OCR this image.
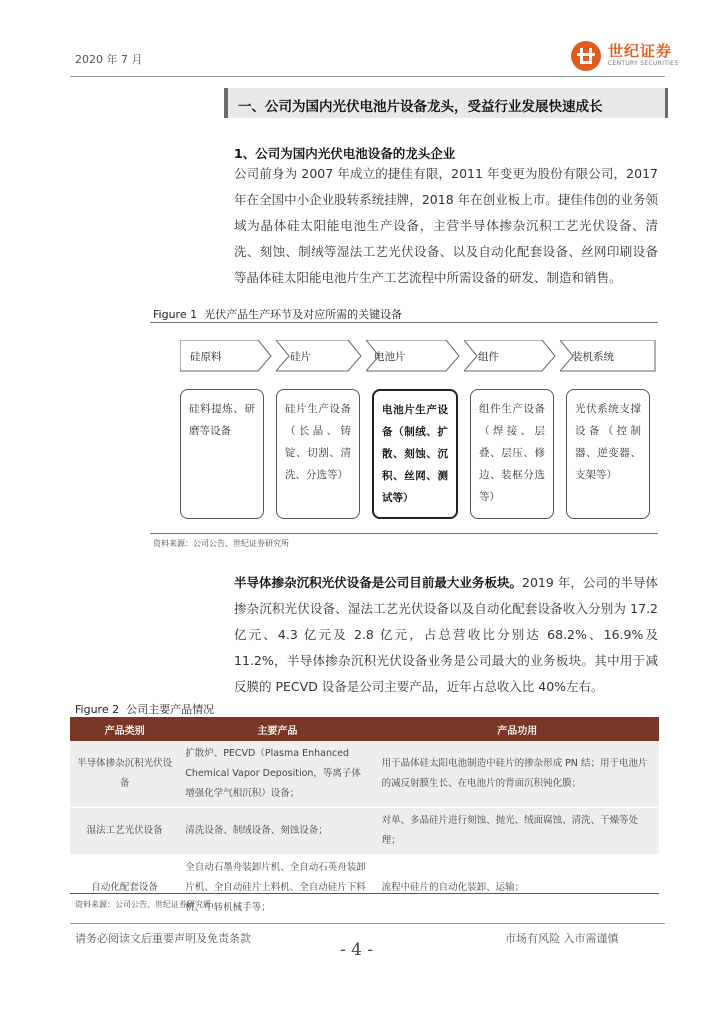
2020 年 7 月	世纪证券
CENTURY SECURITIES
一、公司为国内光伏电池片设备龙头，受益行业发展快速成长
1、公司为国内光伏电池设备的龙头企业
公司前身为 2007 年成立的捷佳有限，2011 年变更为股份有限公司，2017 年在全国中小企业股转系统挂牌，2018 年在创业板上市。捷佳伟创的业务领域为晶体硅太阳能电池生产设备，主营半导体掺杂沉积工艺光伏设备、清洗、刻蚀、制绒等湿法工艺光伏设备、以及自动化配套设备、丝网印刷设备等晶体硅太阳能电池片生产工艺流程中所需设备的研发、制造和销售。
Figure 1 光伏产品生产环节及对应所需的关键设备
硅原料	硅片	电池片	组件	装机系统
硅料提炼、研磨等设备
硅片生产设备（长晶、铸锭、切割、清洗、分选等）
电池片生产设备（制绒、扩散、刻蚀、沉积、丝网、测试等）
组件生产设备（焊接、层叠、层压、修边、装框分选等）
光伏系统支撑设备（控制器、逆变器、支架等）
资料来源：公司公告、世纪证券研究所
半导体掺杂沉积光伏设备是公司目前最大业务板块。2019 年，公司的半导体掺杂沉积光伏设备、湿法工艺光伏设备以及自动化配套设备收入分别为 17.2 亿元、4.3 亿元及 2.8 亿元，占总营收比分别达 68.2%、16.9%及 11.2%，半导体掺杂沉积光伏设备业务是公司最大的业务板块。其中用于减反膜的 PECVD 设备是公司主要产品，近年占总收入比 40%左右。
Figure 2 公司主要产品情况
产品类别	主要产品	产品功用
半导体掺杂沉积光伏设备	扩散炉、PECVD（Plasma Enhanced Chemical Vapor Deposition，等离子体增强化学气相沉积）设备；	用于晶体硅太阳电池制造中硅片的掺杂形成 PN 结；用于电池片的减反射膜生长、在电池片的背面沉积钝化膜；
湿法工艺光伏设备	清洗设备、制绒设备、刻蚀设备；	对单、多晶硅片进行刻蚀、抛光、绒面腐蚀、清洗、干燥等处理；
自动化配套设备	全自动石墨舟装卸片机、全自动石英舟装卸片机、全自动硅片上料机、全自动硅片下料机、中转机械手等；	流程中硅片的自动化装卸、运输；
资料来源：公司公告、世纪证券研究所
请务必阅读文后重要声明及免责条款	市场有风险 入市需谨慎
- 4 -
